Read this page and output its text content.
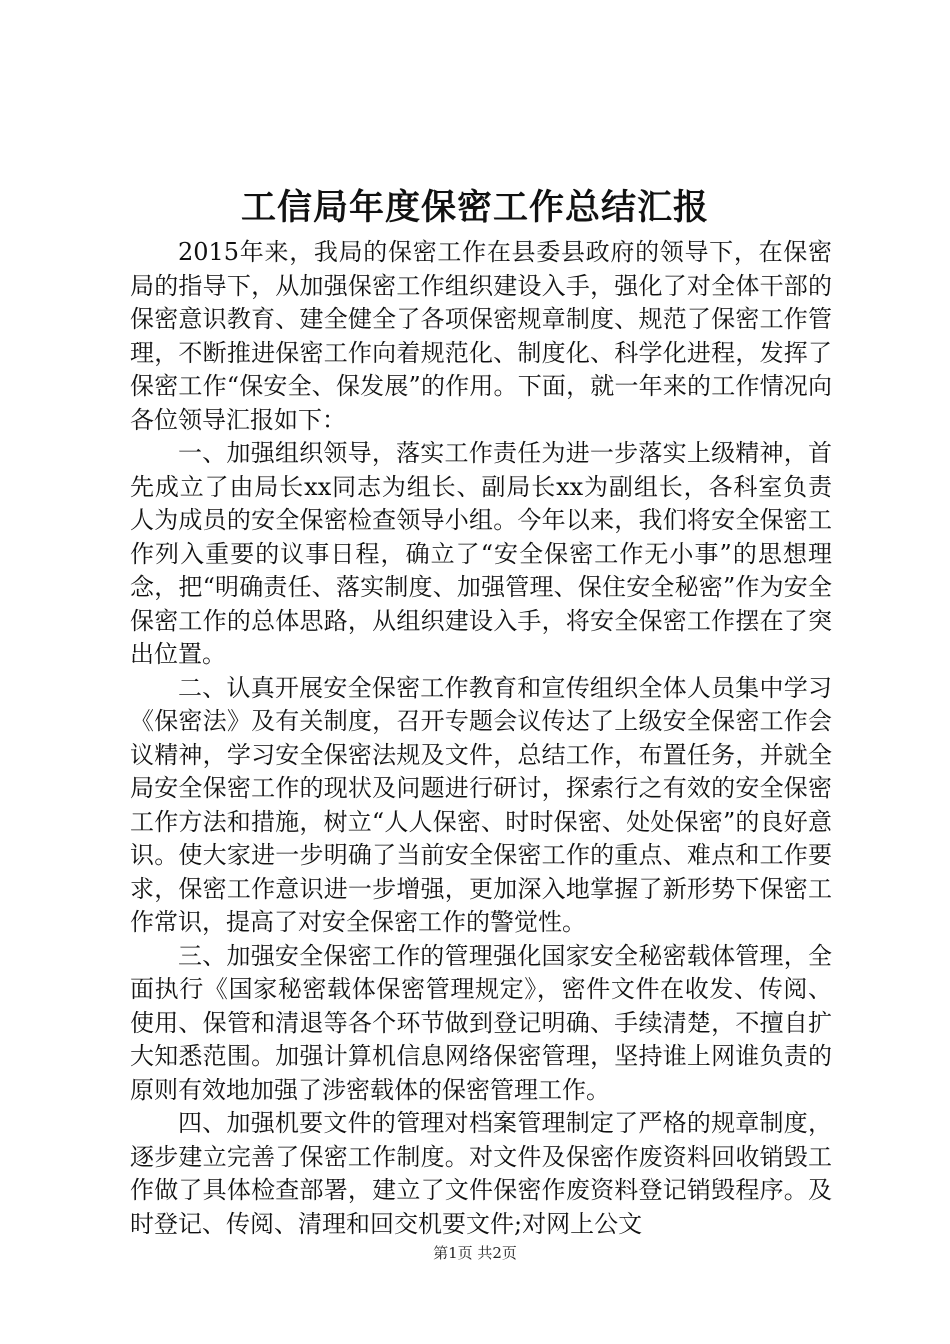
工信局年度保密工作总结汇报

2015年来，我局的保密工作在县委县政府的领导下，在保密局的指导下，从加强保密工作组织建设入手，强化了对全体干部的保密意识教育、建全健全了各项保密规章制度、规范了保密工作管理，不断推进保密工作向着规范化、制度化、科学化进程，发挥了保密工作“保安全、保发展”的作用。下面，就一年来的工作情况向各位领导汇报如下：

一、加强组织领导，落实工作责任为进一步落实上级精神，首先成立了由局长xx同志为组长、副局长xx为副组长，各科室负责人为成员的安全保密检查领导小组。今年以来，我们将安全保密工作列入重要的议事日程，确立了“安全保密工作无小事”的思想理念，把“明确责任、落实制度、加强管理、保住安全秘密”作为安全保密工作的总体思路，从组织建设入手，将安全保密工作摆在了突出位置。

二、认真开展安全保密工作教育和宣传组织全体人员集中学习《保密法》及有关制度，召开专题会议传达了上级安全保密工作会议精神，学习安全保密法规及文件，总结工作，布置任务，并就全局安全保密工作的现状及问题进行研讨，探索行之有效的安全保密工作方法和措施，树立“人人保密、时时保密、处处保密”的良好意识。使大家进一步明确了当前安全保密工作的重点、难点和工作要求，保密工作意识进一步增强，更加深入地掌握了新形势下保密工作常识，提高了对安全保密工作的警觉性。

三、加强安全保密工作的管理强化国家安全秘密载体管理，全面执行《国家秘密载体保密管理规定》，密件文件在收发、传阅、使用、保管和清退等各个环节做到登记明确、手续清楚，不擅自扩大知悉范围。加强计算机信息网络保密管理，坚持谁上网谁负责的原则有效地加强了涉密载体的保密管理工作。

四、加强机要文件的管理对档案管理制定了严格的规章制度，逐步建立完善了保密工作制度。对文件及保密作废资料回收销毁工作做了具体检查部署，建立了文件保密作废资料登记销毁程序。及时登记、传阅、清理和回交机要文件;对网上公文

第1页 共2页
